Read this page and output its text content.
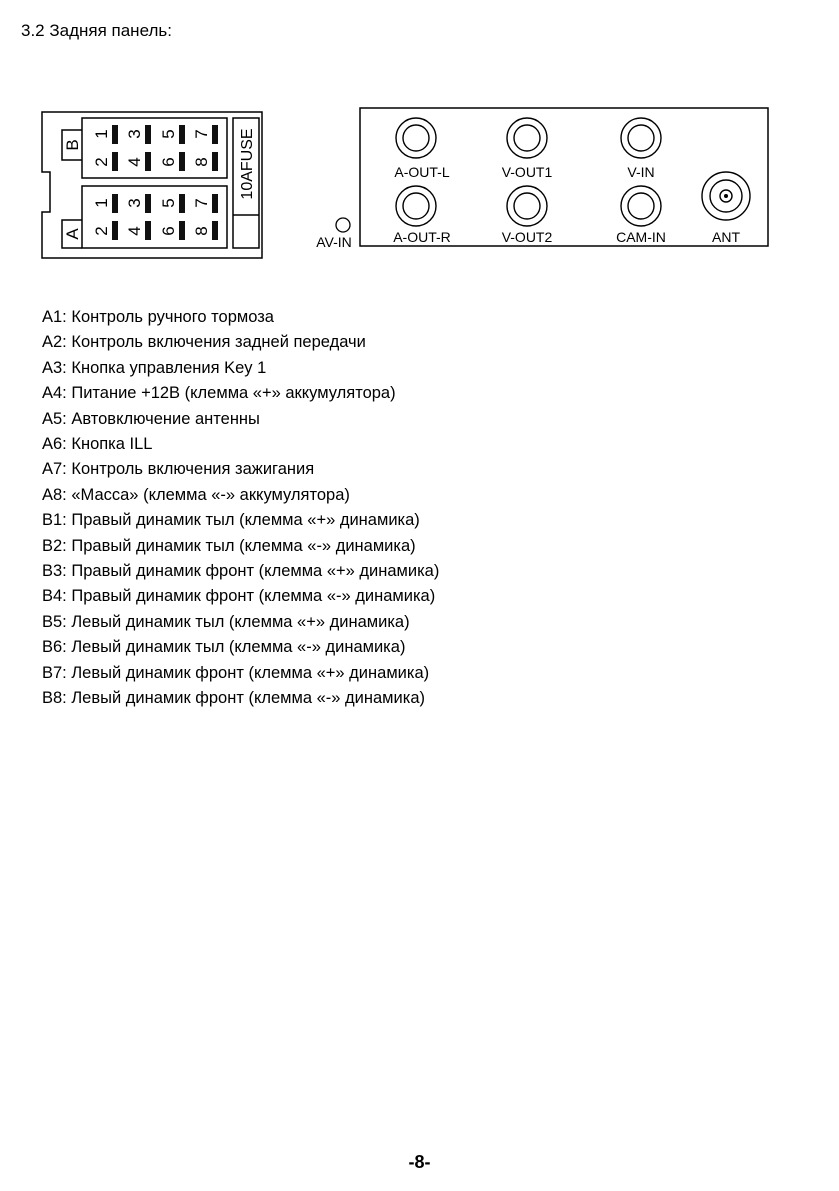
3.2 Задняя панель:
1 3 5 7
2 4 6 8
1 3 5 7
2 4 6 8
B
A
10AFUSE
AV-IN
A-OUT-L	V-OUT1	V-IN
A-OUT-R	V-OUT2	CAM-IN	ANT
A1: Контроль ручного тормоза
A2: Контроль включения задней передачи
A3: Кнопка управления Key 1
A4: Питание +12В (клемма «+» аккумулятора)
A5: Автовключение антенны
A6: Кнопка ILL
A7: Контроль включения зажигания
A8: «Масса» (клемма «-» аккумулятора)
B1: Правый динамик тыл (клемма «+» динамика)
B2: Правый динамик тыл (клемма «-» динамика)
B3: Правый динамик фронт (клемма «+» динамика)
B4: Правый динамик фронт (клемма «-» динамика)
B5: Левый динамик тыл (клемма «+» динамика)
B6: Левый динамик тыл (клемма «-» динамика)
B7: Левый динамик фронт (клемма «+» динамика)
B8: Левый динамик фронт (клемма «-» динамика)
-8-
